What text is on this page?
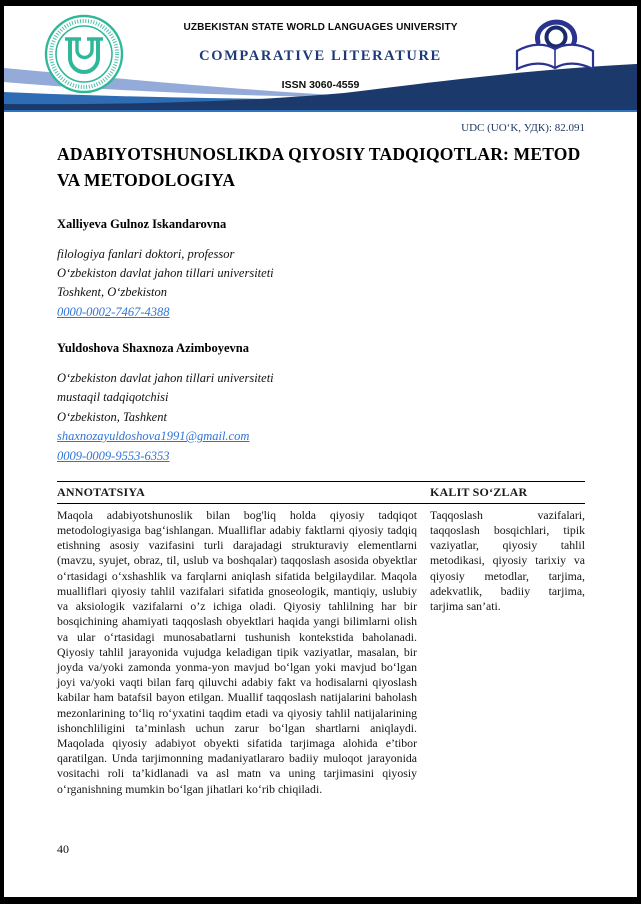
UZBEKISTAN STATE WORLD LANGUAGES UNIVERSITY
COMPARATIVE LITERATURE
ISSN 3060-4559
UDC (UOʻK, УДК): 82.091
ADABIYOTSHUNOSLIKDA QIYOSIY TADQIQOTLAR: METOD VA METODOLOGIYA
Xalliyeva Gulnoz Iskandarovna
filologiya fanlari doktori, professor
O‘zbekiston davlat jahon tillari universiteti
Toshkent, O‘zbekiston
0000-0002-7467-4388
Yuldoshova Shaxnoza Azimboyevna
O‘zbekiston davlat jahon tillari universiteti
mustaqil tadqiqotchisi
O‘zbekiston, Tashkent
shaxnozayuldoshova1991@gmail.com
0009-0009-9553-6353
ANNOTATSIYA	KALIT SO‘ZLAR
Maqola adabiyotshunoslik bilan bog'liq holda qiyosiy tadqiqot metodologiyasiga bag‘ishlangan. Mualliflar adabiy faktlarni qiyosiy tadqiq etishning asosiy vazifasini turli darajadagi strukturaviy elementlarni (mavzu, syujet, obraz, til, uslub va boshqalar) taqqoslash asosida obyektlar o‘rtasidagi o‘xshashlik va farqlarni aniqlash sifatida belgilaydilar. Maqola mualliflari qiyosiy tahlil vazifalari sifatida gnoseologik, mantiqiy, uslubiy va aksiologik vazifalarni o’z ichiga oladi. Qiyosiy tahlilning har bir bosqichining ahamiyati taqqoslash obyektlari haqida yangi bilimlarni olish va ular o‘rtasidagi munosabatlarni tushunish kontekstida baholanadi. Qiyosiy tahlil jarayonida vujudga keladigan tipik vaziyatlar, masalan, bir joyda va/yoki zamonda yonma-yon mavjud bo‘lgan yoki mavjud bo‘lgan joyi va/yoki vaqti bilan farq qiluvchi adabiy fakt va hodisalarni qiyoslash kabilar ham batafsil bayon etilgan. Muallif taqqoslash natijalarini baholash mezonlarining to‘liq ro‘yxatini taqdim etadi va qiyosiy tahlil natijalarining ishonchliligini ta’minlash uchun zarur bo‘lgan shartlarni aniqlaydi. Maqolada qiyosiy adabiyot obyekti sifatida tarjimaga alohida e’tibor qaratilgan. Unda tarjimonning madaniyatlararo badiiy muloqot jarayonida vositachi roli ta’kidlanadi va asl matn va uning tarjimasini qiyosiy o‘rganishning mumkin bo‘lgan jihatlari ko‘rib chiqiladi.
Taqqoslash vazifalari, taqqoslash bosqichlari, tipik vaziyatlar, qiyosiy tahlil metodikasi, qiyosiy tarixiy va qiyosiy metodlar, tarjima, adekvatlik, badiiy tarjima, tarjima san’ati.
40
